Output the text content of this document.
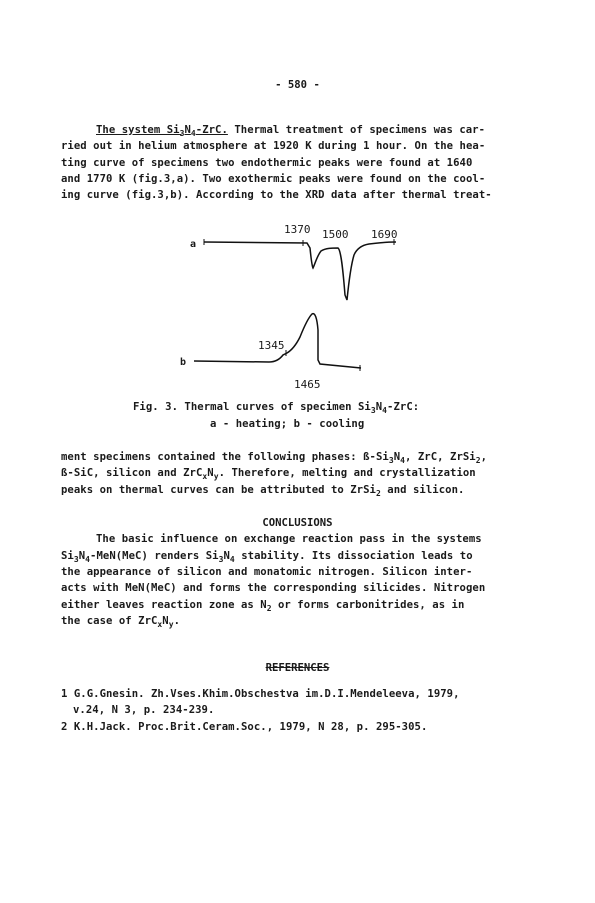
- 580 -
The system $Si_3N_4$-ZrC. Thermal treatment of specimens was car-
ried out in helium atmosphere at 1920 K during 1 hour. On the hea-
ting curve of specimens two endothermic peaks were found at 1640
and 1770 K (fig.3,a). Two exothermic peaks were found on the cool-
ing curve (fig.3,b). According to the XRD data after thermal treat-
a
b
1370 1500 1690
1345
1465
Fig. 3. Thermal curves of specimen $Si_3N_4$-ZrC:
a - heating; b - cooling
ment specimens contained the following phases: $ß-Si_3N_4$, ZrC, ZrSi$_2$,
ß-SiC, silicon and $ZrC_xN_y$. Therefore, melting and crystallization
peaks on thermal curves can be attributed to ZrSi$_2$ and silicon.
CONCLUSIONS
The basic influence on exchange reaction pass in the systems
$Si_3N_4-MeN(MeC)$ renders $Si_3N_4$ stability. Its dissociation leads to
the appearance of silicon and monatomic nitrogen. Silicon inter-
acts with MeN(MeC) and forms the corresponding silicides. Nitrogen
either leaves reaction zone as $N_2$ or forms carbonitrides, as in
the case of $ZrC_xN_y$.
REFERENCES
1 G.G.Gnesin. Zh.Vses.Khim.Obschestva im.D.I.Mendeleeva, 1979,
v.24, N 3, p. 234-239.
2 K.H.Jack. Proc.Brit.Ceram.Soc., 1979, N 28, p. 295-305.
